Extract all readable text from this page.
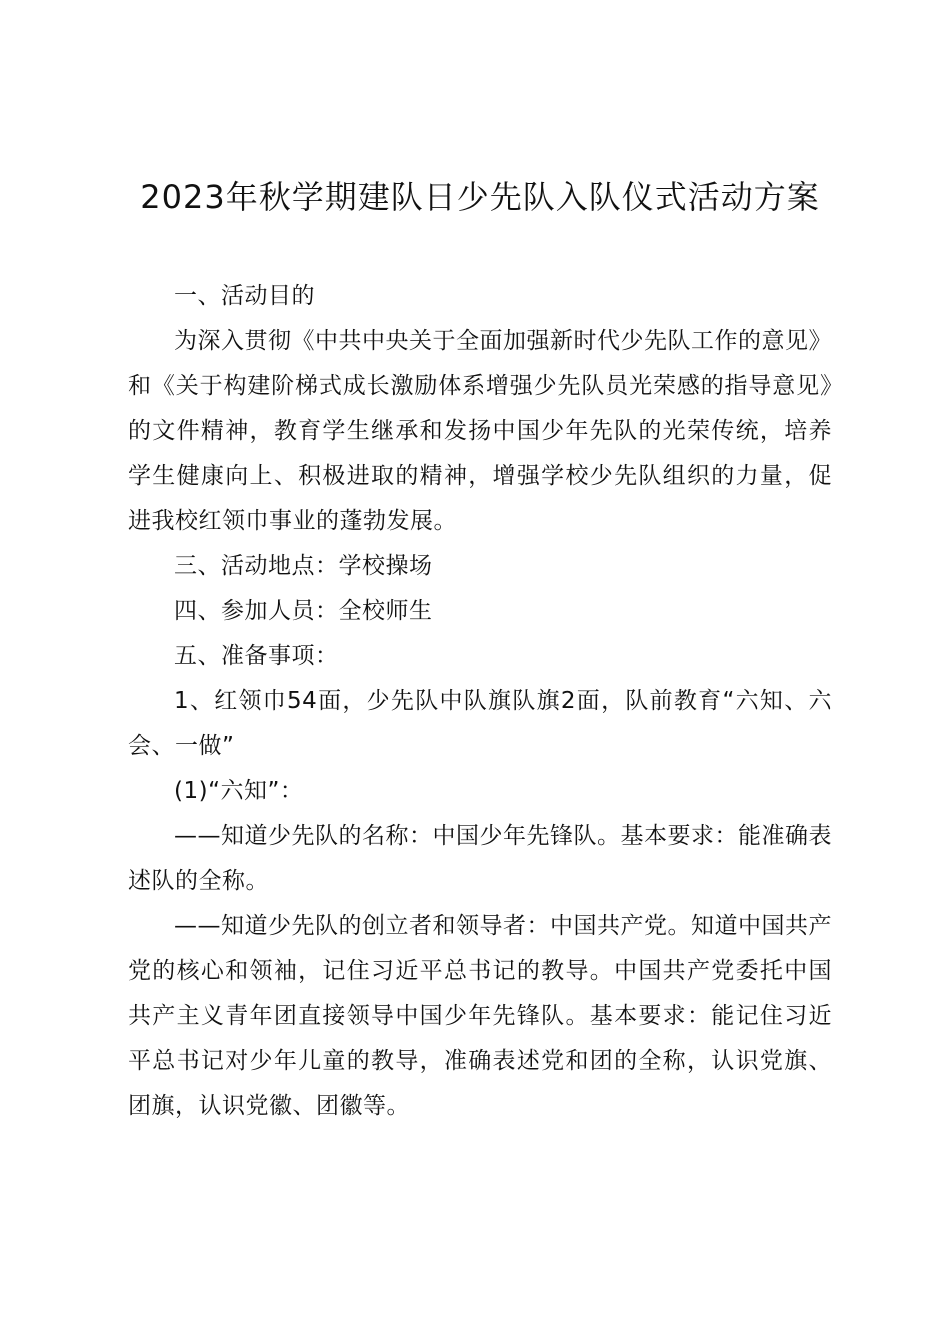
2023年秋学期建队日少先队入队仪式活动方案

一、活动目的

为深入贯彻《中共中央关于全面加强新时代少先队工作的意见》和《关于构建阶梯式成长激励体系增强少先队员光荣感的指导意见》的文件精神，教育学生继承和发扬中国少年先队的光荣传统，培养学生健康向上、积极进取的精神，增强学校少先队组织的力量，促进我校红领巾事业的蓬勃发展。

三、活动地点：学校操场

四、参加人员：全校师生

五、准备事项：

1、红领巾54面，少先队中队旗队旗2面，队前教育“六知、六会、一做”

(1)“六知”：

——知道少先队的名称：中国少年先锋队。基本要求：能准确表述队的全称。

——知道少先队的创立者和领导者：中国共产党。知道中国共产党的核心和领袖，记住习近平总书记的教导。中国共产党委托中国共产主义青年团直接领导中国少年先锋队。基本要求：能记住习近平总书记对少年儿童的教导，准确表述党和团的全称，认识党旗、团旗，认识党徽、团徽等。
